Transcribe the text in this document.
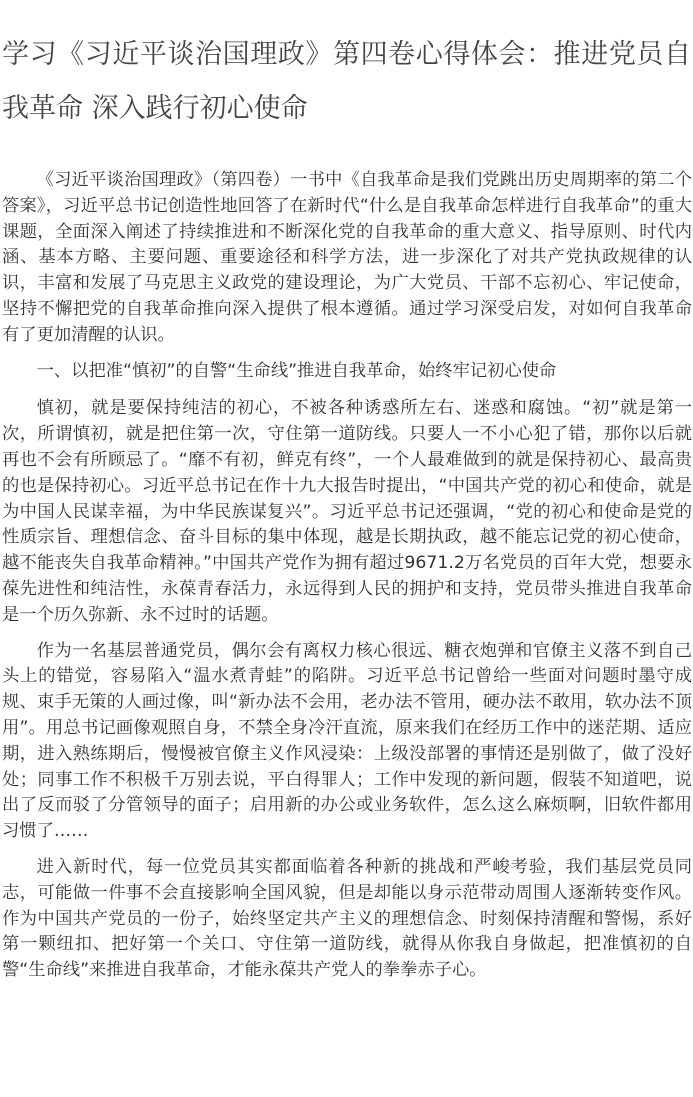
学习《习近平谈治国理政》第四卷心得体会：推进党员自我革命 深入践行初心使命

《习近平谈治国理政》（第四卷）一书中《自我革命是我们党跳出历史周期率的第二个答案》，习近平总书记创造性地回答了在新时代“什么是自我革命怎样进行自我革命”的重大课题，全面深入阐述了持续推进和不断深化党的自我革命的重大意义、指导原则、时代内涵、基本方略、主要问题、重要途径和科学方法，进一步深化了对共产党执政规律的认识，丰富和发展了马克思主义政党的建设理论，为广大党员、干部不忘初心、牢记使命，坚持不懈把党的自我革命推向深入提供了根本遵循。通过学习深受启发，对如何自我革命有了更加清醒的认识。

一、以把准“慎初”的自警“生命线”推进自我革命，始终牢记初心使命

慎初，就是要保持纯洁的初心，不被各种诱惑所左右、迷惑和腐蚀。“初”就是第一次，所谓慎初，就是把住第一次，守住第一道防线。只要人一不小心犯了错，那你以后就再也不会有所顾忌了。“靡不有初，鲜克有终”，一个人最难做到的就是保持初心、最高贵的也是保持初心。习近平总书记在作十九大报告时提出，“中国共产党的初心和使命，就是为中国人民谋幸福，为中华民族谋复兴”。习近平总书记还强调，“党的初心和使命是党的性质宗旨、理想信念、奋斗目标的集中体现，越是长期执政，越不能忘记党的初心使命，越不能丧失自我革命精神。”中国共产党作为拥有超过9671.2万名党员的百年大党，想要永葆先进性和纯洁性，永葆青春活力，永远得到人民的拥护和支持，党员带头推进自我革命是一个历久弥新、永不过时的话题。

作为一名基层普通党员，偶尔会有离权力核心很远、糖衣炮弹和官僚主义落不到自己头上的错觉，容易陷入“温水煮青蛙”的陷阱。习近平总书记曾给一些面对问题时墨守成规、束手无策的人画过像，叫“新办法不会用，老办法不管用，硬办法不敢用，软办法不顶用”。用总书记画像观照自身，不禁全身冷汗直流，原来我们在经历工作中的迷茫期、适应期，进入熟练期后，慢慢被官僚主义作风浸染：上级没部署的事情还是别做了，做了没好处；同事工作不积极千万别去说，平白得罪人；工作中发现的新问题，假装不知道吧，说出了反而驳了分管领导的面子；启用新的办公或业务软件，怎么这么麻烦啊，旧软件都用习惯了……

进入新时代，每一位党员其实都面临着各种新的挑战和严峻考验，我们基层党员同志，可能做一件事不会直接影响全国风貌，但是却能以身示范带动周围人逐渐转变作风。作为中国共产党员的一份子，始终坚定共产主义的理想信念、时刻保持清醒和警惕，系好第一颗纽扣、把好第一个关口、守住第一道防线，就得从你我自身做起，把准慎初的自警“生命线”来推进自我革命，才能永葆共产党人的拳拳赤子心。
